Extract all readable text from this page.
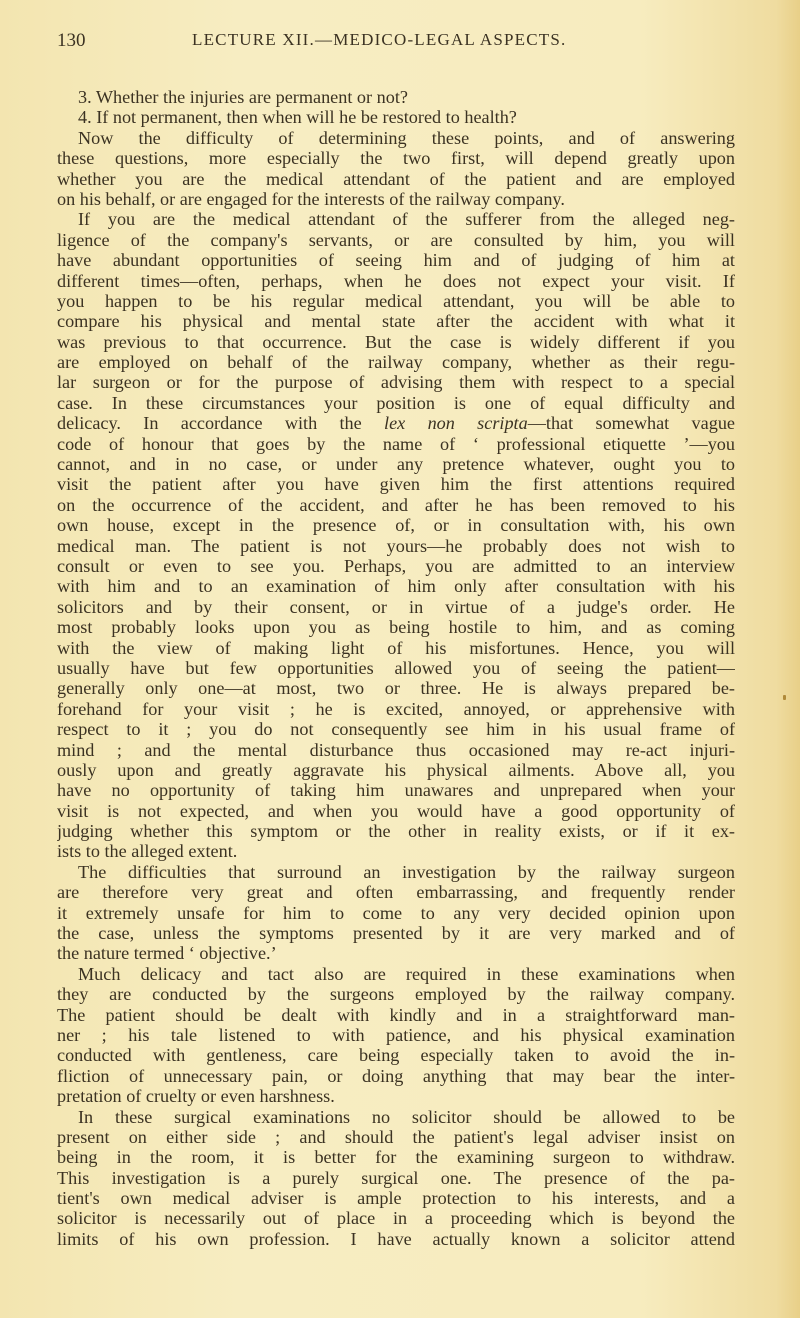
130	LECTURE XII.—MEDICO-LEGAL ASPECTS.
3. Whether the injuries are permanent or not?
4. If not permanent, then when will he be restored to health?
Now the difficulty of determining these points, and of answering
these questions, more especially the two first, will depend greatly upon
whether you are the medical attendant of the patient and are employed
on his behalf, or are engaged for the interests of the railway company.
If you are the medical attendant of the sufferer from the alleged neg-
ligence of the company's servants, or are consulted by him, you will
have abundant opportunities of seeing him and of judging of him at
different times—often, perhaps, when he does not expect your visit. If
you happen to be his regular medical attendant, you will be able to
compare his physical and mental state after the accident with what it
was previous to that occurrence. But the case is widely different if you
are employed on behalf of the railway company, whether as their regu-
lar surgeon or for the purpose of advising them with respect to a special
case. In these circumstances your position is one of equal difficulty and
delicacy. In accordance with the lex non scripta—that somewhat vague
code of honour that goes by the name of ‘ professional etiquette ’—you
cannot, and in no case, or under any pretence whatever, ought you to
visit the patient after you have given him the first attentions required
on the occurrence of the accident, and after he has been removed to his
own house, except in the presence of, or in consultation with, his own
medical man. The patient is not yours—he probably does not wish to
consult or even to see you. Perhaps, you are admitted to an interview
with him and to an examination of him only after consultation with his
solicitors and by their consent, or in virtue of a judge's order. He
most probably looks upon you as being hostile to him, and as coming
with the view of making light of his misfortunes. Hence, you will
usually have but few opportunities allowed you of seeing the patient—
generally only one—at most, two or three. He is always prepared be-
forehand for your visit ; he is excited, annoyed, or apprehensive with
respect to it ; you do not consequently see him in his usual frame of
mind ; and the mental disturbance thus occasioned may re-act injuri-
ously upon and greatly aggravate his physical ailments. Above all, you
have no opportunity of taking him unawares and unprepared when your
visit is not expected, and when you would have a good opportunity of
judging whether this symptom or the other in reality exists, or if it ex-
ists to the alleged extent.
The difficulties that surround an investigation by the railway surgeon
are therefore very great and often embarrassing, and frequently render
it extremely unsafe for him to come to any very decided opinion upon
the case, unless the symptoms presented by it are very marked and of
the nature termed ‘ objective.’
Much delicacy and tact also are required in these examinations when
they are conducted by the surgeons employed by the railway company.
The patient should be dealt with kindly and in a straightforward man-
ner ; his tale listened to with patience, and his physical examination
conducted with gentleness, care being especially taken to avoid the in-
fliction of unnecessary pain, or doing anything that may bear the inter-
pretation of cruelty or even harshness.
In these surgical examinations no solicitor should be allowed to be
present on either side ; and should the patient's legal adviser insist on
being in the room, it is better for the examining surgeon to withdraw.
This investigation is a purely surgical one. The presence of the pa-
tient's own medical adviser is ample protection to his interests, and a
solicitor is necessarily out of place in a proceeding which is beyond the
limits of his own profession. I have actually known a solicitor attend
